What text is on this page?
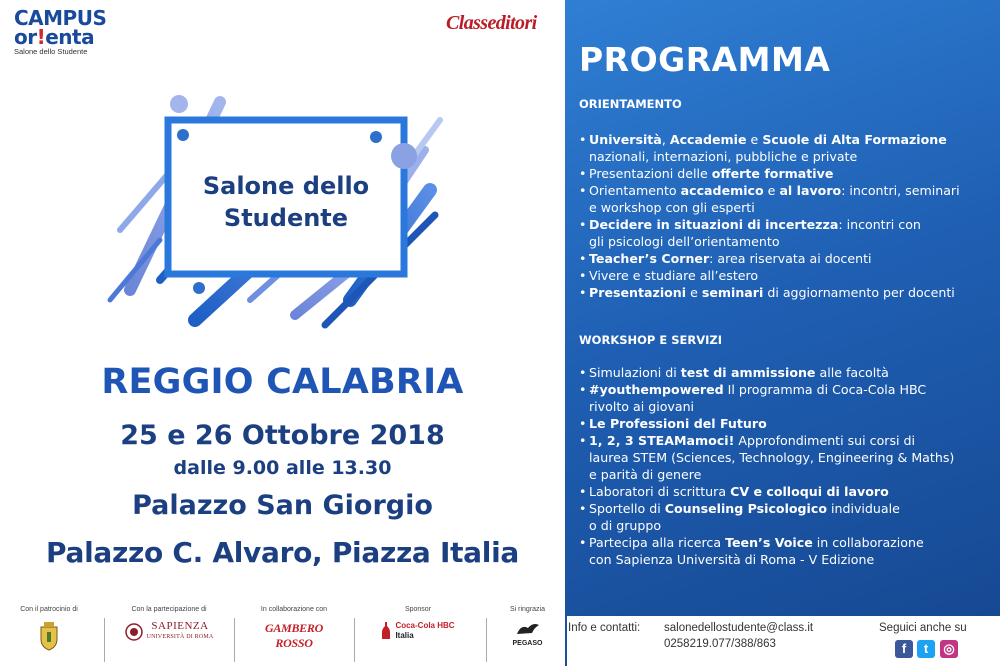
CAMPUS
or!enta
Salone dello Studente
Classeditori
Salone dello
Studente
REGGIO CALABRIA
25 e 26 Ottobre 2018
dalle 9.00 alle 13.30
Palazzo San Giorgio
Palazzo C. Alvaro, Piazza Italia
Con il patrocinio di	Con la partecipazione di
SAPIENZA
UNIVERSITÀ DI ROMA
In collaborazione con
GAMBERO ROSSO
Sponsor
Coca-Cola HBC
Italia
Si ringrazia
PEGASO
PROGRAMMA
ORIENTAMENTO
• Università, Accademie e Scuole di Alta Formazione
nazionali, internazioni, pubbliche e private
• Presentazioni delle offerte formative
• Orientamento accademico e al lavoro: incontri, seminari
e workshop con gli esperti
• Decidere in situazioni di incertezza: incontri con
gli psicologi dell’orientamento
• Teacher’s Corner: area riservata ai docenti
• Vivere e studiare all’estero
• Presentazioni e seminari di aggiornamento per docenti
WORKSHOP E SERVIZI
• Simulazioni di test di ammissione alle facoltà
• #youthempowered Il programma di Coca-Cola HBC
rivolto ai giovani
• Le Professioni del Futuro
• 1, 2, 3 STEAMamoci! Approfondimenti sui corsi di
laurea STEM (Sciences, Technology, Engineering & Maths)
e parità di genere
• Laboratori di scrittura CV e colloqui di lavoro
• Sportello di Counseling Psicologico individuale
o di gruppo
• Partecipa alla ricerca Teen’s Voice in collaborazione
con Sapienza Università di Roma - V Edizione
Info e contatti: salonedellostudente@class.it
0258219.077/388/863
Seguici anche su
f	t	◎
